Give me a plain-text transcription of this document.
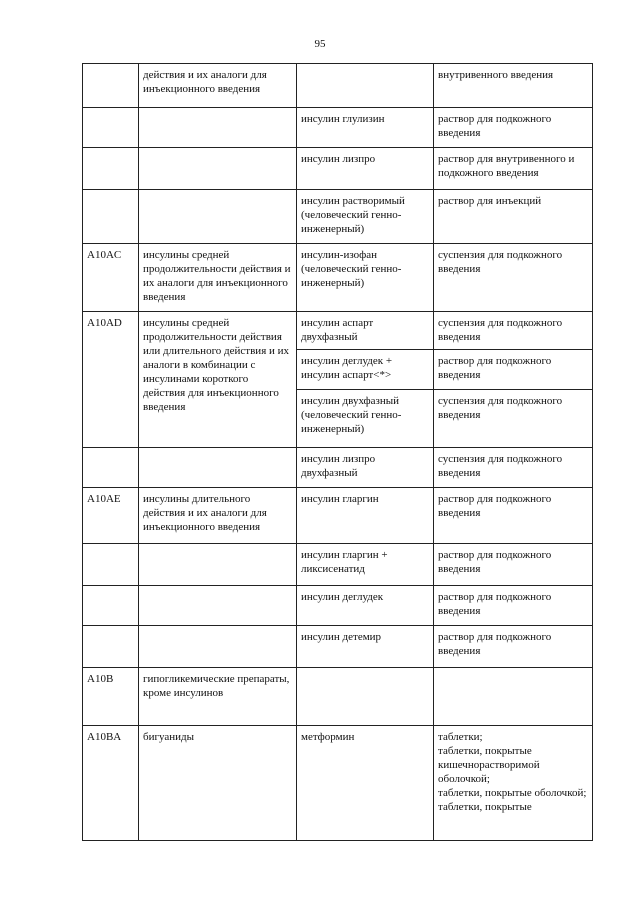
95
	действия и их аналоги для инъекционного введения		внутривенного введения
		инсулин глулизин	раствор для подкожного введения
		инсулин лизпро	раствор для внутривенного и подкожного введения
		инсулин растворимый (человеческий генно-инженерный)	раствор для инъекций
A10AC	инсулины средней продолжительности действия и их аналоги для инъекционного введения	инсулин-изофан (человеческий генно-инженерный)	суспензия для подкожного введения
A10AD	инсулины средней продолжительности действия или длительного действия и их аналоги в комбинации с инсулинами короткого действия для инъекционного введения	инсулин аспарт двухфазный	суспензия для подкожного введения
		инсулин деглудек + инсулин аспарт<*>	раствор для подкожного введения
		инсулин двухфазный (человеческий генно-инженерный)	суспензия для подкожного введения
		инсулин лизпро двухфазный	суспензия для подкожного введения
A10AE	инсулины длительного действия и их аналоги для инъекционного введения	инсулин гларгин	раствор для подкожного введения
		инсулин гларгин + ликсисенатид	раствор для подкожного введения
		инсулин деглудек	раствор для подкожного введения
		инсулин детемир	раствор для подкожного введения
A10B	гипогликемические препараты, кроме инсулинов		
A10BA	бигуаниды	метформин	таблетки;
таблетки, покрытые кишечнорастворимой оболочкой;
таблетки, покрытые оболочкой;
таблетки, покрытые
